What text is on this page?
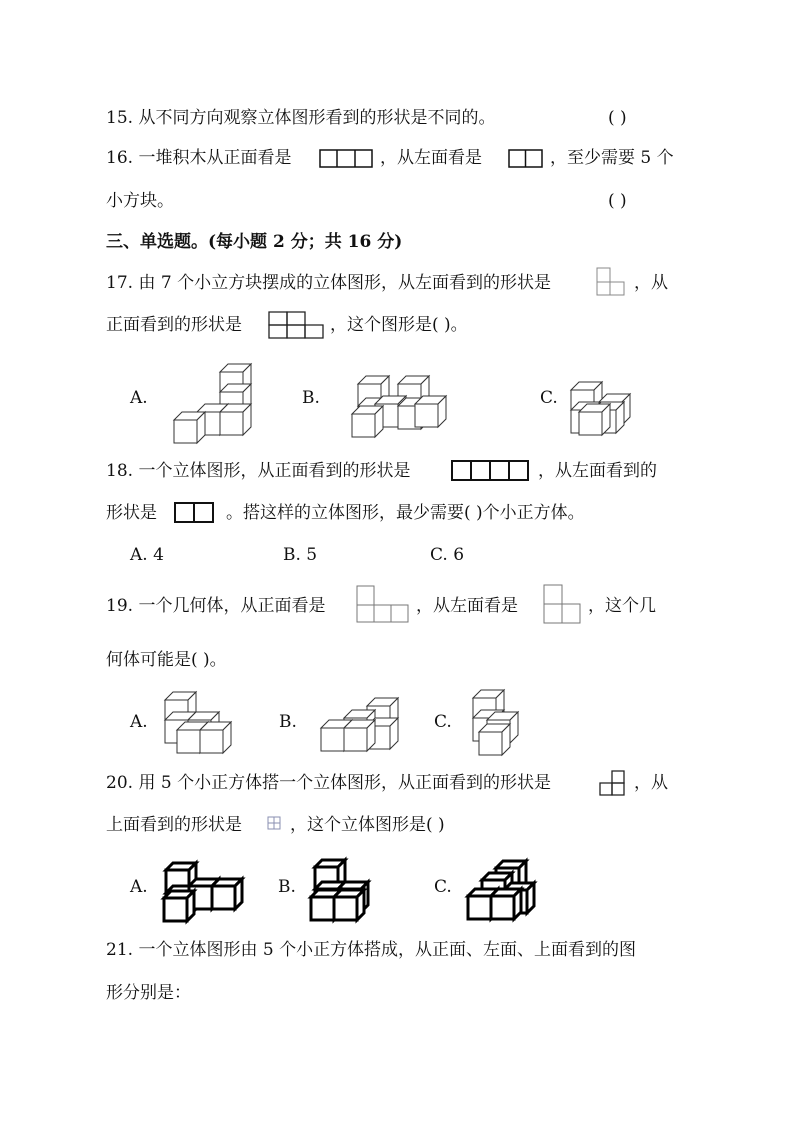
15. 从不同方向观察立体图形看到的形状是不同的。	( )
16. 一堆积木从正面看是	，从左面看是	，至少需要 5 个
小方块。	( )
三、单选题。(每小题 2 分；共 16 分)
17. 由 7 个小立方块摆成的立体图形，从左面看到的形状是	，从
正面看到的形状是	，这个图形是( )。
A.	B.	C.
18. 一个立体图形，从正面看到的形状是	，从左面看到的
形状是	。搭这样的立体图形，最少需要( )个小正方体。
A. 4	B. 5	C. 6
19. 一个几何体，从正面看是	，从左面看是	，这个几
何体可能是( )。
A.	B.	C.
20. 用 5 个小正方体搭一个立体图形，从正面看到的形状是	，从
上面看到的形状是	，这个立体图形是( )
A.	B.	C.
21. 一个立体图形由 5 个小正方体搭成，从正面、左面、上面看到的图
形分别是：
